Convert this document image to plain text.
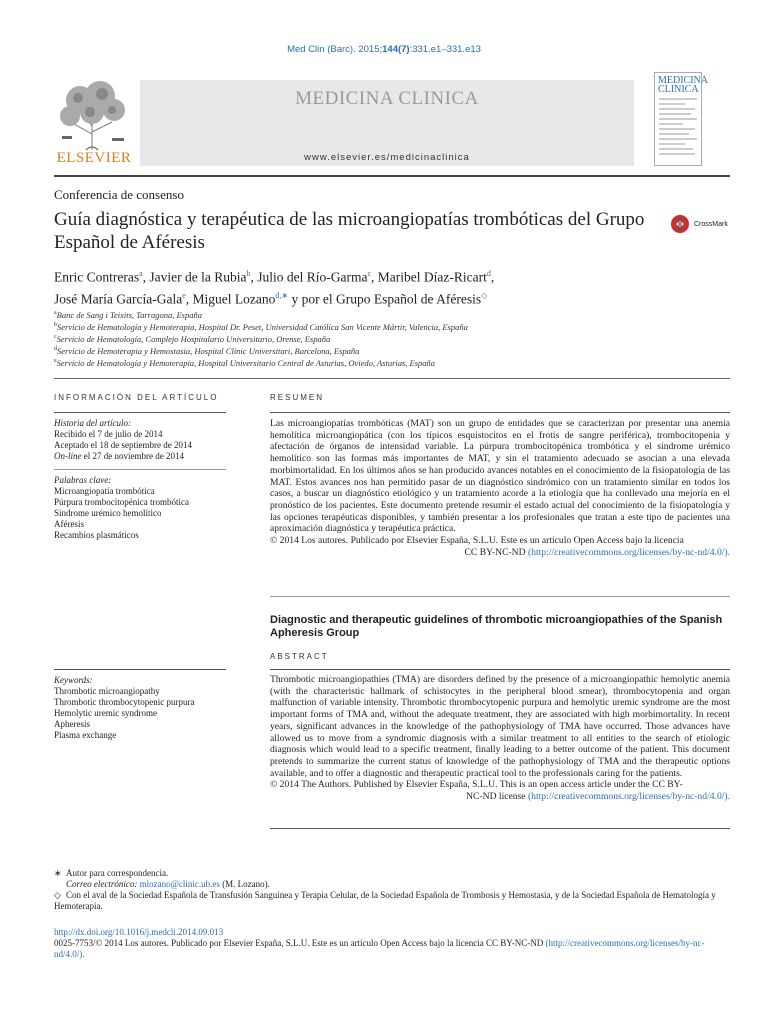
Med Clin (Barc). 2015;144(7):331.e1–331.e13
ELSEVIER
MEDICINA CLINICA
www.elsevier.es/medicinaclinica
MEDICINA CLINICA
Conferencia de consenso
Guía diagnóstica y terapéutica de las microangiopatías trombóticas del Grupo Español de Aféresis
CrossMark
Enric Contreras$^a$, Javier de la Rubia$^b$, Julio del Río-Garma$^c$, Maribel Díaz-Ricart$^d$,
José María García-Gala$^e$, Miguel Lozano$^{d,∗}$ y por el Grupo Español de Aféresis◇
$^a$Banc de Sang i Teixits, Tarragona, España
$^b$Servicio de Hematología y Hemoterapia, Hospital Dr. Peset, Universidad Católica San Vicente Mártir, Valencia, España
$^c$Servicio de Hematología, Complejo Hospitalario Universitario, Orense, España
$^d$Servicio de Hemoterapia y Hemostasia, Hospital Clínic Universitari, Barcelona, España
$^e$Servicio de Hematología y Hemoterapia, Hospital Universitario Central de Asturias, Oviedo, Asturias, España
INFORMACIÓN DEL ARTÍCULO
Historia del artículo:
Recibido el 7 de julio de 2014
Aceptado el 18 de septiembre de 2014
On-line el 27 de noviembre de 2014
Palabras clave:
Microangiopatía trombótica
Púrpura trombocitopénica trombótica
Síndrome urémico hemolítico
Aféresis
Recambios plasmáticos
RESUMEN

Las microangiopatías trombóticas (MAT) son un grupo de entidades que se caracterizan por presentar una anemia hemolítica microangiopática (con los típicos esquistocitos en el frotis de sangre periférica), trombocitopenia y afectación de órganos de intensidad variable. La púrpura trombocitopénica trombótica y el síndrome urémico hemolítico son las formas más importantes de MAT, y sin el tratamiento adecuado se asocian a una elevada morbimortalidad. En los últimos años se han producido avances notables en el conocimiento de la fisiopatología de las MAT. Estos avances nos han permitido pasar de un diagnóstico sindrómico con un tratamiento similar en todos los casos, a buscar un diagnóstico etiológico y un tratamiento acorde a la etiología que ha conllevado una mejoría en el pronóstico de los pacientes. Este documento pretende resumir el estado actual del conocimiento de la fisiopatología y las opciones terapéuticas disponibles, y también presentar a los profesionales que tratan a este tipo de pacientes una aproximación diagnóstica y terapéutica práctica.

© 2014 Los autores. Publicado por Elsevier España, S.L.U. Este es un artículo Open Access bajo la licencia

CC BY-NC-ND (http://creativecommons.org/licenses/by-nc-nd/4.0/).

Diagnostic and therapeutic guidelines of thrombotic microangiopathies of the Spanish Apheresis Group
ABSTRACT

Thrombotic microangiopathies (TMA) are disorders defined by the presence of a microangiopathic hemolytic anemia (with the characteristic hallmark of schistocytes in the peripheral blood smear), thrombocytopenia and organ malfunction of variable intensity. Thrombotic thrombocytopenic purpura and hemolytic uremic syndrome are the most important forms of TMA and, without the adequate treatment, they are associated with high morbimortality. In recent years, significant advances in the knowledge of the pathophysiology of TMA have occurred. Those advances have allowed us to move from a syndromic diagnosis with a similar treatment to all entities to the search of etiologic diagnosis which would lead to a specific treatment, finally leading to a better outcome of the patient. This document pretends to summarize the current status of knowledge of the pathophysiology of TMA and the therapeutic options available, and to offer a diagnostic and therapeutic practical tool to the professionals caring for the patients.

© 2014 The Authors. Published by Elsevier España, S.L.U. This is an open access article under the CC BY-

NC-ND license (http://creativecommons.org/licenses/by-nc-nd/4.0/).

Keywords:
Thrombotic microangiopathy
Thrombotic thrombocytopenic purpura
Hemolytic uremic syndrome
Apheresis
Plasma exchange
∗ Autor para correspondencia.
Correo electrónico: mlozano@clinic.ub.es (M. Lozano).
◇ Con el aval de la Sociedad Española de Transfusión Sanguínea y Terapia Celular, de la Sociedad Española de Trombosis y Hemostasia, y de la Sociedad Española de Hematología y Hemoterapia.
http://dx.doi.org/10.1016/j.medcli.2014.09.013
0025-7753/© 2014 Los autores. Publicado por Elsevier España, S.L.U. Este es un artículo Open Access bajo la licencia CC BY-NC-ND (http://creativecommons.org/licenses/by-nc-nd/4.0/).
